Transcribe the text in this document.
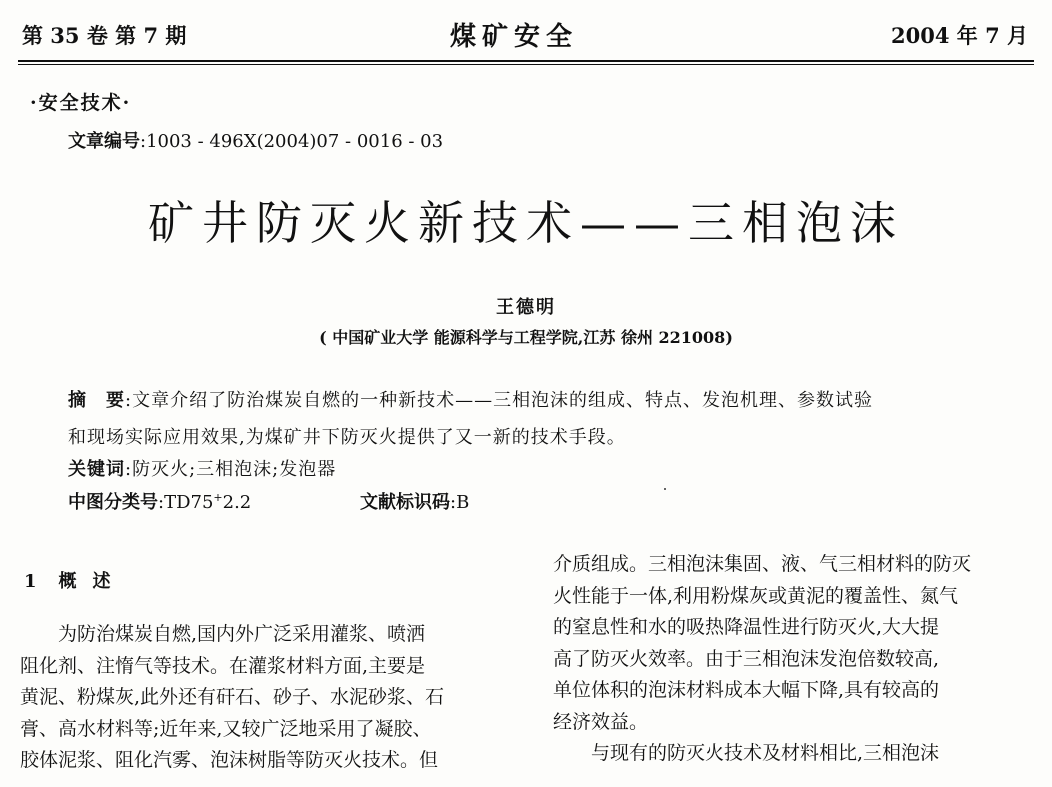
第 35 卷 第 7 期	煤矿安全	2004 年 7 月
·安全技术·
文章编号:1003 - 496X(2004)07 - 0016 - 03
矿井防灭火新技术——三相泡沫
王德明
( 中国矿业大学 能源科学与工程学院,江苏 徐州 221008)
摘　要:文章介绍了防治煤炭自燃的一种新技术——三相泡沫的组成、特点、发泡机理、参数试验
和现场实际应用效果,为煤矿井下防灭火提供了又一新的技术手段。
关键词:防灭火;三相泡沫;发泡器
中图分类号:TD75+2.2	文献标识码:B
1 概述
　　为防治煤炭自燃,国内外广泛采用灌浆、喷洒
阻化剂、注惰气等技术。在灌浆材料方面,主要是
黄泥、粉煤灰,此外还有矸石、砂子、水泥砂浆、石
膏、高水材料等;近年来,又较广泛地采用了凝胶、
胶体泥浆、阻化汽雾、泡沫树脂等防灭火技术。但
介质组成。三相泡沫集固、液、气三相材料的防灭
火性能于一体,利用粉煤灰或黄泥的覆盖性、氮气
的窒息性和水的吸热降温性进行防灭火,大大提
高了防灭火效率。由于三相泡沫发泡倍数较高,
单位体积的泡沫材料成本大幅下降,具有较高的
经济效益。
　　与现有的防灭火技术及材料相比,三相泡沫
